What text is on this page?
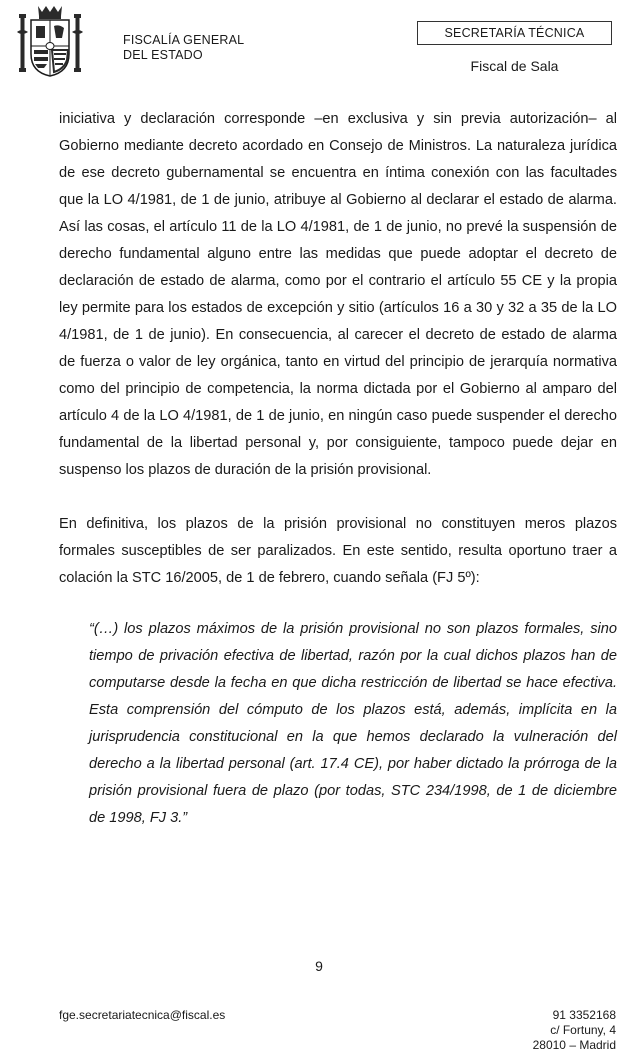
FISCALÍA GENERAL
DEL ESTADO
SECRETARÍA TÉCNICA
Fiscal de Sala

iniciativa y declaración corresponde –en exclusiva y sin previa autorización– al Gobierno mediante decreto acordado en Consejo de Ministros. La naturaleza jurídica de ese decreto gubernamental se encuentra en íntima conexión con las facultades que la LO 4/1981, de 1 de junio, atribuye al Gobierno al declarar el estado de alarma. Así las cosas, el artículo 11 de la LO 4/1981, de 1 de junio, no prevé la suspensión de derecho fundamental alguno entre las medidas que puede adoptar el decreto de declaración de estado de alarma, como por el contrario el artículo 55 CE y la propia ley permite para los estados de excepción y sitio (artículos 16 a 30 y 32 a 35 de la LO 4/1981, de 1 de junio). En consecuencia, al carecer el decreto de estado de alarma de fuerza o valor de ley orgánica, tanto en virtud del principio de jerarquía normativa como del principio de competencia, la norma dictada por el Gobierno al amparo del artículo 4 de la LO 4/1981, de 1 de junio, en ningún caso puede suspender el derecho fundamental de la libertad personal y, por consiguiente, tampoco puede dejar en suspenso los plazos de duración de la prisión provisional.

En definitiva, los plazos de la prisión provisional no constituyen meros plazos formales susceptibles de ser paralizados. En este sentido, resulta oportuno traer a colación la STC 16/2005, de 1 de febrero, cuando señala (FJ 5º):

“(…) los plazos máximos de la prisión provisional no son plazos formales, sino tiempo de privación efectiva de libertad, razón por la cual dichos plazos han de computarse desde la fecha en que dicha restricción de libertad se hace efectiva. Esta comprensión del cómputo de los plazos está, además, implícita en la jurisprudencia constitucional en la que hemos declarado la vulneración del derecho a la libertad personal (art. 17.4 CE), por haber dictado la prórroga de la prisión provisional fuera de plazo (por todas, STC 234/1998, de 1 de diciembre de 1998, FJ 3.”

9
fge.secretariatecnica@fiscal.es	91 3352168
c/ Fortuny, 4
28010 – Madrid
